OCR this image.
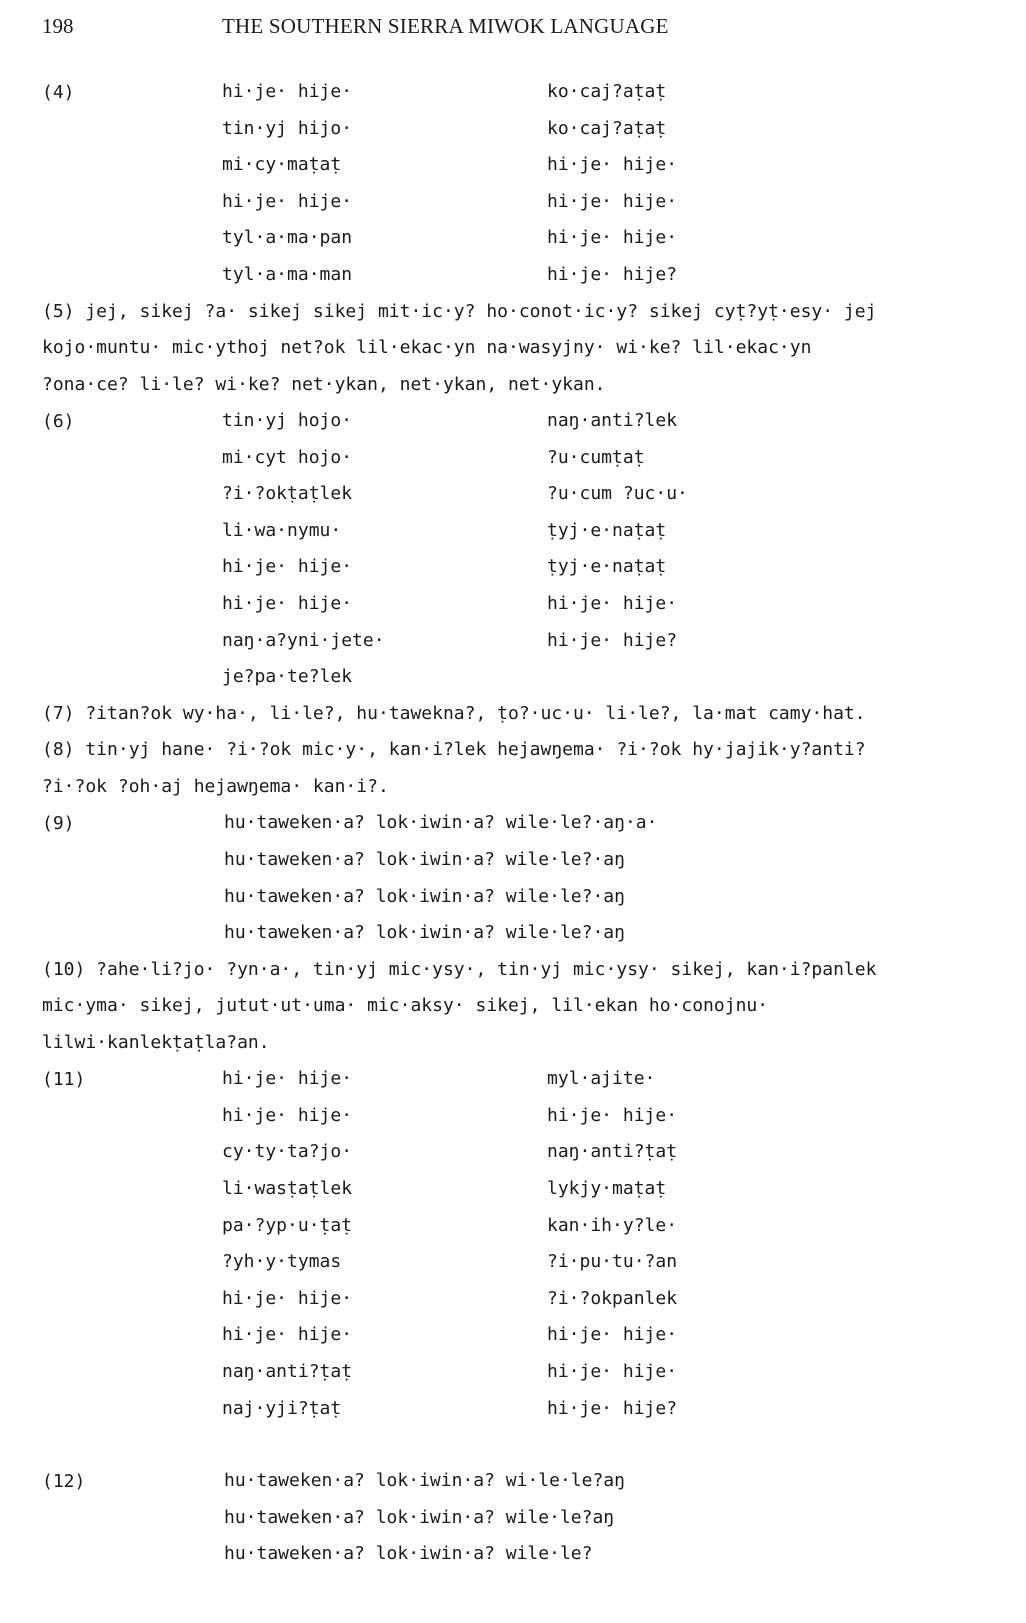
198	THE SOUTHERN SIERRA MIWOK LANGUAGE
(4)	hi·je· hije·	ko·caj?aṭaṭ
tin·yj hijo·	ko·caj?aṭaṭ
mi·cy·maṭaṭ	hi·je· hije·
hi·je· hije·	hi·je· hije·
tyl·a·ma·pan	hi·je· hije·
tyl·a·ma·man	hi·je· hije?
(5) jej, sikej ?a· sikej sikej mit·ic·y? ho·conot·ic·y? sikej cyṭ?yṭ·esy· jej
kojo·muntu· mic·ythoj net?ok lil·ekac·yn na·wasyjny· wi·ke? lil·ekac·yn
?ona·ce? li·le? wi·ke? net·ykan, net·ykan, net·ykan.
(6)	tin·yj hojo·	naŋ·anti?lek
mi·cyt hojo·	?u·cumṭaṭ
?i·?okṭaṭlek	?u·cum ?uc·u·
li·wa·nymu·	ṭyj·e·naṭaṭ
hi·je· hije·	ṭyj·e·naṭaṭ
hi·je· hije·	hi·je· hije·
naŋ·a?yni·jete·	hi·je· hije?
je?pa·te?lek
(7) ?itan?ok wy·ha·, li·le?, hu·tawekna?, ṭo?·uc·u· li·le?, la·mat camy·hat.
(8) tin·yj hane· ?i·?ok mic·y·, kan·i?lek hejawŋema· ?i·?ok hy·jajik·y?anti?
?i·?ok ?oh·aj hejawŋema· kan·i?.
(9)	hu·taweken·a? lok·iwin·a? wile·le?·aŋ·a·
hu·taweken·a? lok·iwin·a? wile·le?·aŋ
hu·taweken·a? lok·iwin·a? wile·le?·aŋ
hu·taweken·a? lok·iwin·a? wile·le?·aŋ
(10) ?ahe·li?jo· ?yn·a·, tin·yj mic·ysy·, tin·yj mic·ysy· sikej, kan·i?panlek
mic·yma· sikej, jutut·ut·uma· mic·aksy· sikej, lil·ekan ho·conojnu·
lilwi·kanlekṭaṭla?an.
(11)	hi·je· hije·	myl·ajite·
hi·je· hije·	hi·je· hije·
cy·ty·ta?jo·	naŋ·anti?ṭaṭ
li·wasṭaṭlek	lykjy·maṭaṭ
pa·?yp·u·ṭaṭ	kan·ih·y?le·
?yh·y·tymas	?i·pu·tu·?an
hi·je· hije·	?i·?okpanlek
hi·je· hije·	hi·je· hije·
naŋ·anti?ṭaṭ	hi·je· hije·
naj·yji?ṭaṭ	hi·je· hije?
(12)	hu·taweken·a? lok·iwin·a? wi·le·le?aŋ
hu·taweken·a? lok·iwin·a? wile·le?aŋ
hu·taweken·a? lok·iwin·a? wile·le?
